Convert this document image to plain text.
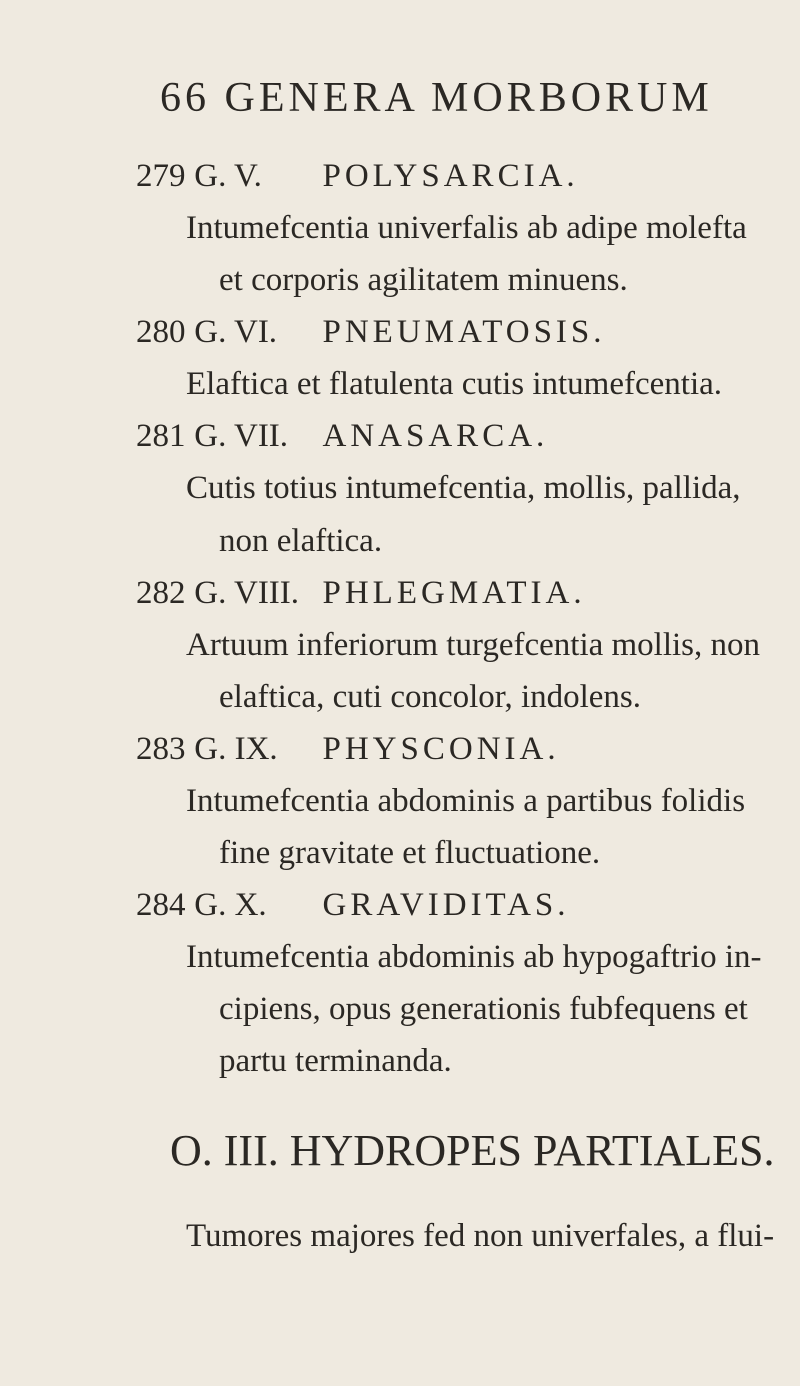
66 GENERA MORBORUM
279 G. V. POLYSARCIA.
Intumefcentia univerfalis ab adipe molefta
et corporis agilitatem minuens.
280 G. VI. PNEUMATOSIS.
Elaftica et flatulenta cutis intumefcentia.
281 G. VII. ANASARCA.
Cutis totius intumefcentia, mollis, pallida,
non elaftica.
282 G. VIII. PHLEGMATIA.
Artuum inferiorum turgefcentia mollis, non
elaftica, cuti concolor, indolens.
283 G. IX. PHYSCONIA.
Intumefcentia abdominis a partibus folidis
fine gravitate et fluctuatione.
284 G. X. GRAVIDITAS.
Intumefcentia abdominis ab hypogaftrio in-
cipiens, opus generationis fubfequens et
partu terminanda.
O. III. HYDROPES PARTIALES.
Tumores majores fed non univerfales, a flui-
